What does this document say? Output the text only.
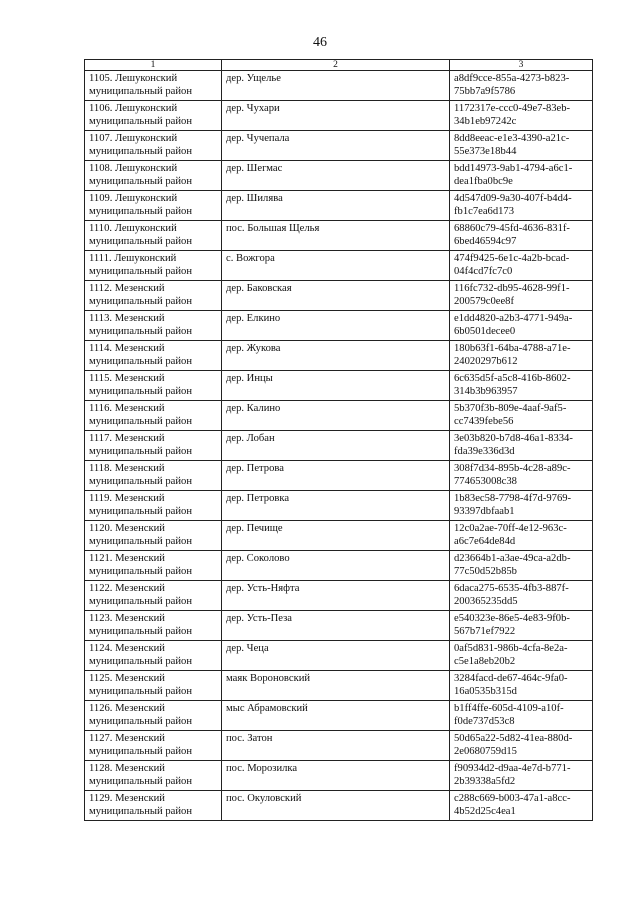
46
1	2	3

1105. Лешуконский
муниципальный район	дер. Ущелье	a8df9cce-855a-4273-b823-
75bb7a9f5786

1106. Лешуконский
муниципальный район	дер. Чухари	1172317e-ccc0-49e7-83eb-
34b1eb97242c

1107. Лешуконский
муниципальный район	дер. Чучепала	8dd8eeac-e1e3-4390-a21c-
55e373e18b44

1108. Лешуконский
муниципальный район	дер. Шегмас	bdd14973-9ab1-4794-a6c1-
dea1fba0bc9e

1109. Лешуконский
муниципальный район	дер. Шилява	4d547d09-9a30-407f-b4d4-
fb1c7ea6d173

1110. Лешуконский
муниципальный район	пос. Большая Щелья	68860c79-45fd-4636-831f-
6bed46594c97

1111. Лешуконский
муниципальный район	с. Вожгора	474f9425-6e1c-4a2b-bcad-
04f4cd7fc7c0

1112. Мезенский
муниципальный район	дер. Баковская	116fc732-db95-4628-99f1-
200579c0ee8f

1113. Мезенский
муниципальный район	дер. Елкино	e1dd4820-a2b3-4771-949a-
6b0501decee0

1114. Мезенский
муниципальный район	дер. Жукова	180b63f1-64ba-4788-a71e-
24020297b612

1115. Мезенский
муниципальный район	дер. Инцы	6c635d5f-a5c8-416b-8602-
314b3b963957

1116. Мезенский
муниципальный район	дер. Калино	5b370f3b-809e-4aaf-9af5-
cc7439febe56

1117. Мезенский
муниципальный район	дер. Лобан	3e03b820-b7d8-46a1-8334-
fda39e336d3d

1118. Мезенский
муниципальный район	дер. Петрова	308f7d34-895b-4c28-a89c-
774653008c38

1119. Мезенский
муниципальный район	дер. Петровка	1b83ec58-7798-4f7d-9769-
93397dbfaab1

1120. Мезенский
муниципальный район	дер. Печище	12c0a2ae-70ff-4e12-963c-
a6c7e64de84d

1121. Мезенский
муниципальный район	дер. Соколово	d23664b1-a3ae-49ca-a2db-
77c50d52b85b

1122. Мезенский
муниципальный район	дер. Усть-Няфта	6daca275-6535-4fb3-887f-
200365235dd5

1123. Мезенский
муниципальный район	дер. Усть-Пеза	e540323e-86e5-4e83-9f0b-
567b71ef7922

1124. Мезенский
муниципальный район	дер. Чеца	0af5d831-986b-4cfa-8e2a-
c5e1a8eb20b2

1125. Мезенский
муниципальный район	маяк Вороновский	3284facd-de67-464c-9fa0-
16a0535b315d

1126. Мезенский
муниципальный район	мыс Абрамовский	b1ff4ffe-605d-4109-a10f-
f0de737d53c8

1127. Мезенский
муниципальный район	пос. Затон	50d65a22-5d82-41ea-880d-
2e0680759d15

1128. Мезенский
муниципальный район	пос. Морозилка	f90934d2-d9aa-4e7d-b771-
2b39338a5fd2

1129. Мезенский
муниципальный район	пос. Окуловский	c288c669-b003-47a1-a8cc-
4b52d25c4ea1
